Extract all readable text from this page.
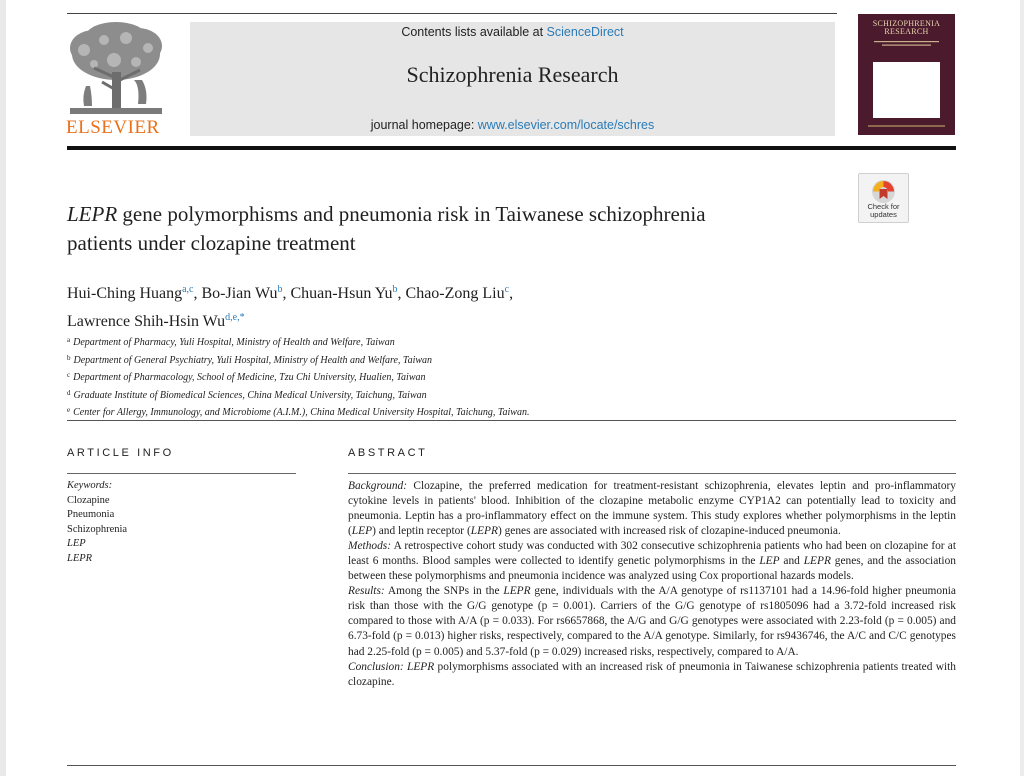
ELSEVIER
Contents lists available at ScienceDirect
Schizophrenia Research
journal homepage: www.elsevier.com/locate/schres
SCHIZOPHRENIA
RESEARCH
LEPR gene polymorphisms and pneumonia risk in Taiwanese schizophrenia
patients under clozapine treatment
Check for
updates
Hui-Ching Huang$^{a,c}$, Bo-Jian Wu$^b$, Chuan-Hsun Yu$^b$, Chao-Zong Liu$^c$,
Lawrence Shih-Hsin $Wu^{d,e,*}$
$^a$ Department of Pharmacy, Yuli Hospital, Ministry of Health and Welfare, Taiwan
$^b$ Department of General Psychiatry, Yuli Hospital, Ministry of Health and Welfare, Taiwan
$^c$ Department of Pharmacology, School of Medicine, Tzu Chi University, Hualien, Taiwan
$^d$ Graduate Institute of Biomedical Sciences, China Medical University, Taichung, Taiwan
$^e$ Center for Allergy, Immunology, and Microbiome (A.I.M.), China Medical University Hospital, Taichung, Taiwan.
ARTICLE INFO
Keywords:
Clozapine
Pneumonia
Schizophrenia
LEP
LEPR
ABSTRACT

Background: Clozapine, the preferred medication for treatment-resistant schizophrenia, elevates leptin and pro-inflammatory cytokine levels in patients' blood. Inhibition of the clozapine metabolic enzyme CYP1A2 can potentially lead to toxicity and pneumonia. Leptin has a pro-inflammatory effect on the immune system. This study explores whether polymorphisms in the leptin (LEP) and leptin receptor (LEPR) genes are associated with increased risk of clozapine-induced pneumonia.

Methods: A retrospective cohort study was conducted with 302 consecutive schizophrenia patients who had been on clozapine for at least 6 months. Blood samples were collected to identify genetic polymorphisms in the LEP and LEPR genes, and the association between these polymorphisms and pneumonia incidence was analyzed using Cox proportional hazards models.

Results: Among the SNPs in the LEPR gene, individuals with the A/A genotype of rs1137101 had a 14.96-fold higher pneumonia risk than those with the G/G genotype (p = 0.001). Carriers of the G/G genotype of rs1805096 had a 3.72-fold increased risk compared to those with A/A (p = 0.033). For rs6657868, the A/G and G/G genotypes were associated with 2.23-fold (p = 0.005) and 6.73-fold (p = 0.013) higher risks, respectively, compared to the A/A genotype. Similarly, for rs9436746, the A/C and C/C genotypes had 2.25-fold (p = 0.005) and 5.37-fold (p = 0.029) increased risks, respectively, compared to A/A.

Conclusion: LEPR polymorphisms associated with an increased risk of pneumonia in Taiwanese schizophrenia patients treated with clozapine.
